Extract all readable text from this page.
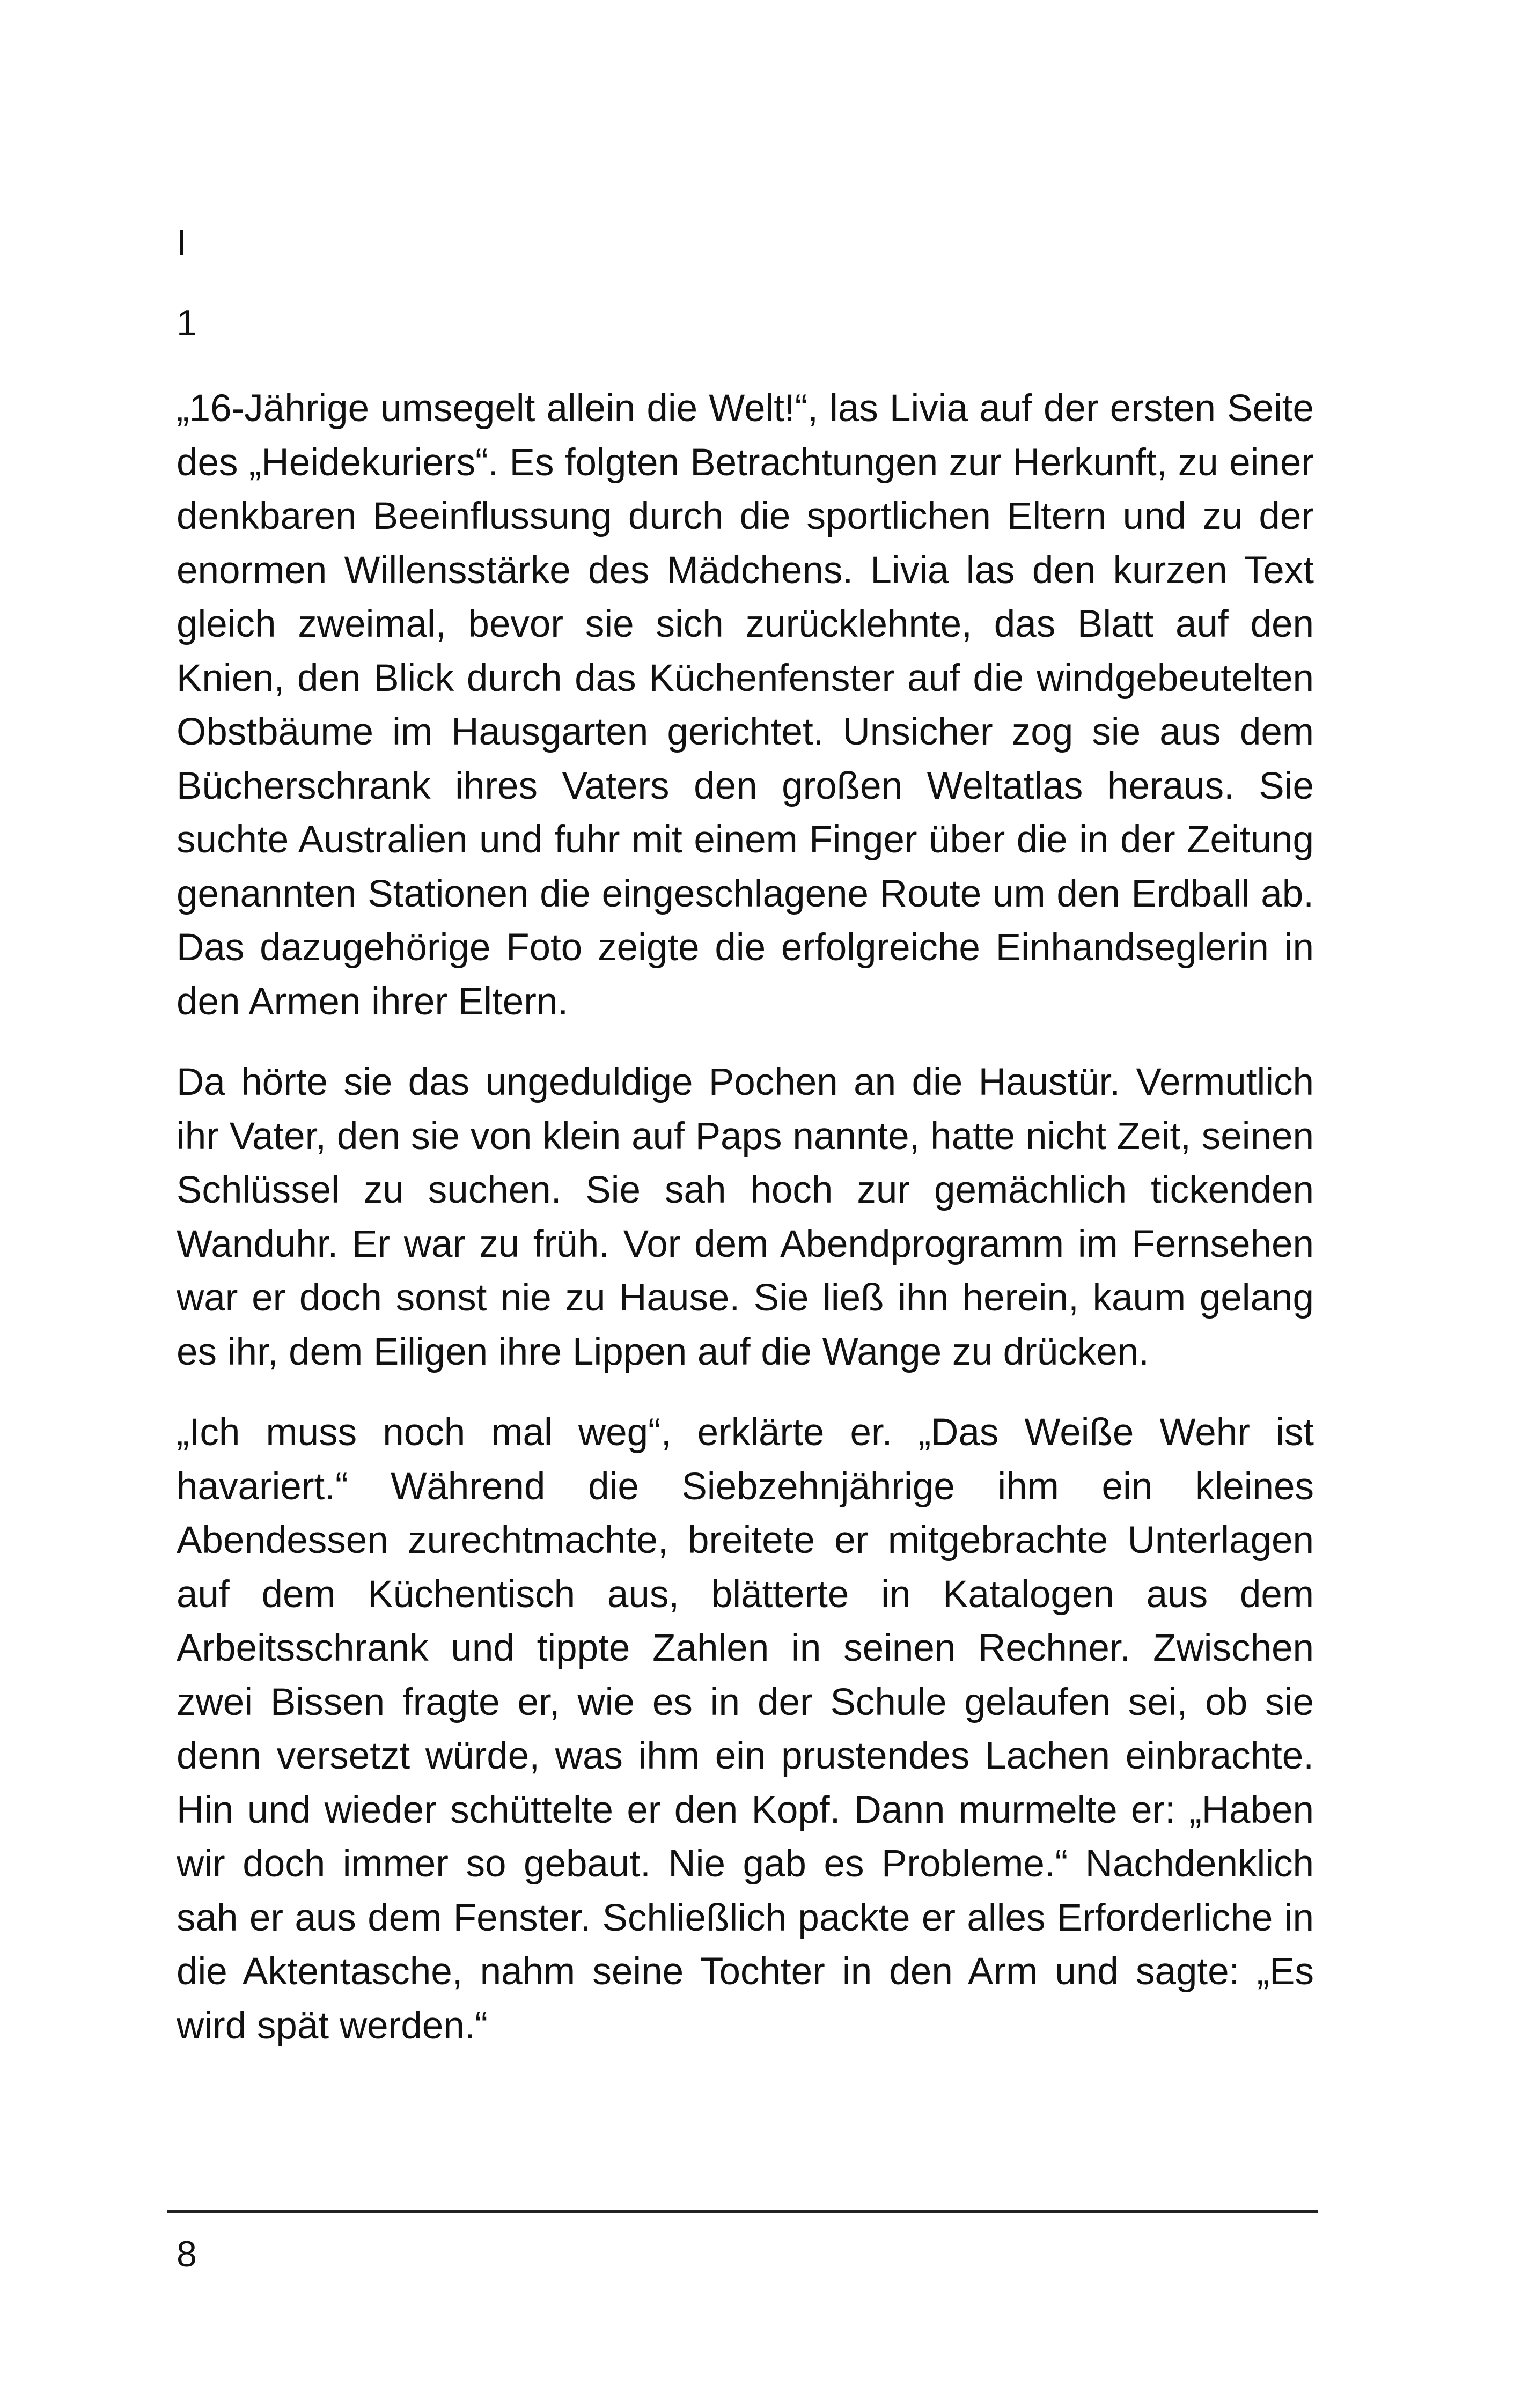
I
1

„16-Jährige umsegelt allein die Welt!“, las Livia auf der ersten Seite des „Heidekuriers“. Es folgten Betrachtungen zur Herkunft, zu einer denkbaren Beeinflussung durch die sportlichen Eltern und zu der enormen Willensstärke des Mädchens. Livia las den kurzen Text gleich zweimal, bevor sie sich zurücklehnte, das Blatt auf den Knien, den Blick durch das Küchenfenster auf die windgebeutelten Obstbäume im Hausgarten gerichtet. Unsicher zog sie aus dem Bücherschrank ihres Vaters den großen Weltatlas heraus. Sie suchte Australien und fuhr mit einem Finger über die in der Zeitung genannten Stationen die eingeschlagene Route um den Erdball ab. Das dazugehörige Foto zeigte die erfolgreiche Einhandseglerin in den Armen ihrer Eltern.

Da hörte sie das ungeduldige Pochen an die Haustür. Vermutlich ihr Vater, den sie von klein auf Paps nannte, hatte nicht Zeit, seinen Schlüssel zu suchen. Sie sah hoch zur gemächlich tickenden Wanduhr. Er war zu früh. Vor dem Abendprogramm im Fernsehen war er doch sonst nie zu Hause. Sie ließ ihn herein, kaum gelang es ihr, dem Eiligen ihre Lippen auf die Wange zu drücken.

„Ich muss noch mal weg“, erklärte er. „Das Weiße Wehr ist havariert.“ Während die Siebzehnjährige ihm ein kleines Abendessen zurechtmachte, breitete er mitgebrachte Unterlagen auf dem Küchentisch aus, blätterte in Katalogen aus dem Arbeitsschrank und tippte Zahlen in seinen Rechner. Zwischen zwei Bissen fragte er, wie es in der Schule gelaufen sei, ob sie denn versetzt würde, was ihm ein prustendes Lachen einbrachte. Hin und wieder schüttelte er den Kopf. Dann murmelte er: „Haben wir doch immer so gebaut. Nie gab es Probleme.“ Nachdenklich sah er aus dem Fenster. Schließlich packte er alles Erforderliche in die Aktentasche, nahm seine Tochter in den Arm und sagte: „Es wird spät werden.“

8
